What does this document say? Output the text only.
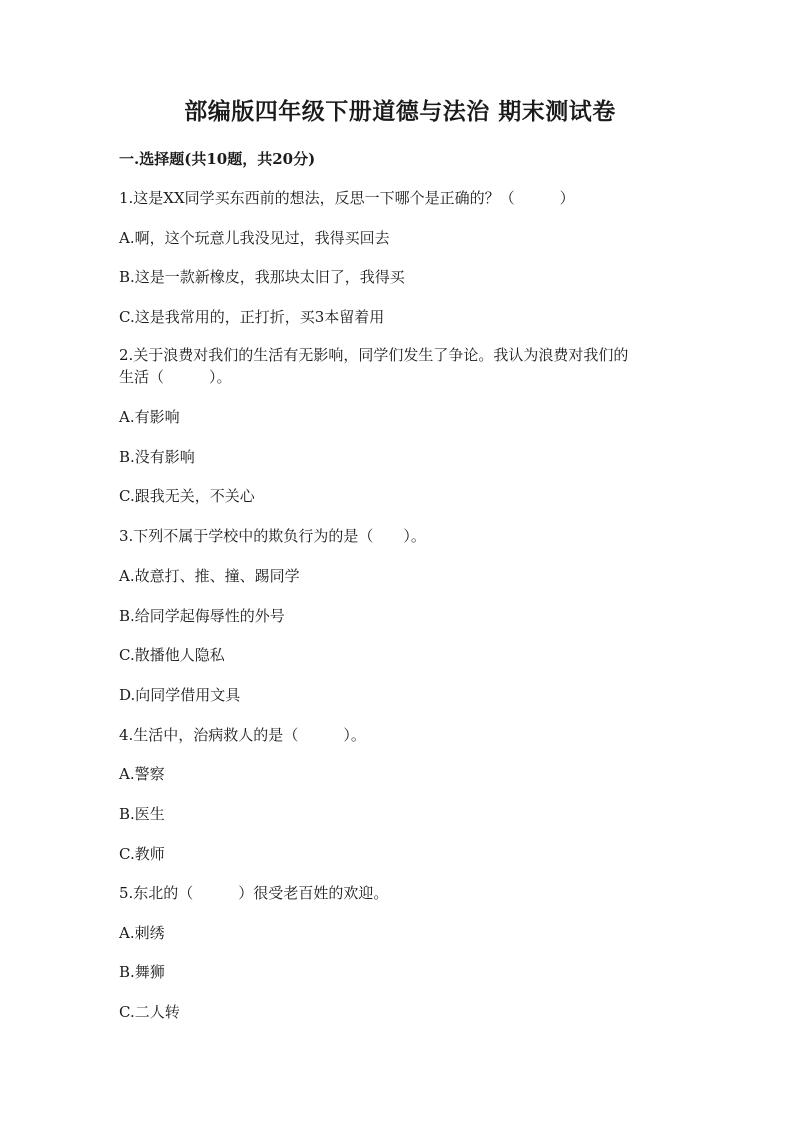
部编版四年级下册道德与法治 期末测试卷
一.选择题(共10题，共20分)

1.这是XX同学买东西前的想法，反思一下哪个是正确的？（　　　）

A.啊，这个玩意儿我没见过，我得买回去

B.这是一款新橡皮，我那块太旧了，我得买

C.这是我常用的，正打折，买3本留着用

2.关于浪费对我们的生活有无影响，同学们发生了争论。我认为浪费对我们的

生活（　　　）。

A.有影响

B.没有影响

C.跟我无关，不关心

3.下列不属于学校中的欺负行为的是（　　）。

A.故意打、推、撞、踢同学

B.给同学起侮辱性的外号

C.散播他人隐私

D.向同学借用文具

4.生活中，治病救人的是（　　　）。

A.警察

B.医生

C.教师

5.东北的（　　　）很受老百姓的欢迎。

A.刺绣

B.舞狮

C.二人转
